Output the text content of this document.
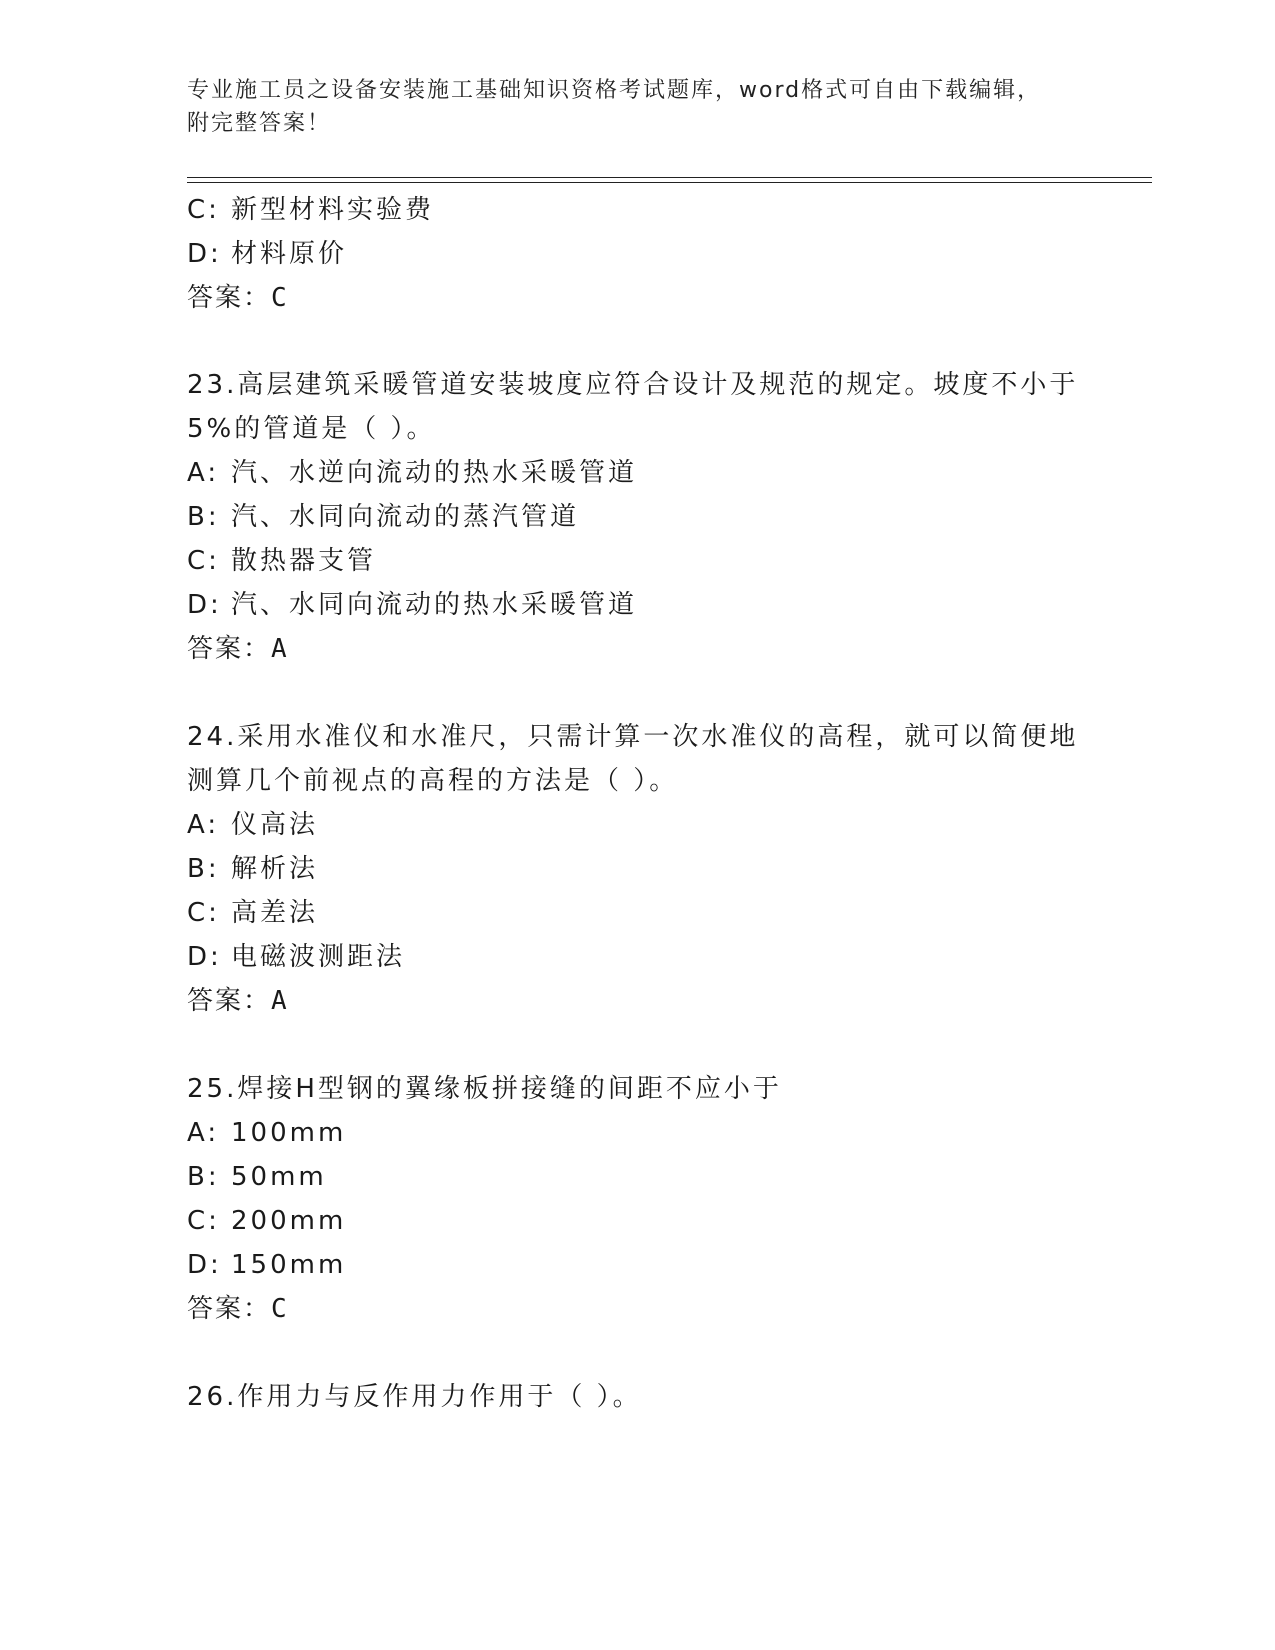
专业施工员之设备安装施工基础知识资格考试题库，word格式可自由下载编辑，
附完整答案！
C: 新型材料实验费
D: 材料原价
答案：C
23.高层建筑采暖管道安装坡度应符合设计及规范的规定。坡度不小于
5%的管道是（ ）。
A: 汽、水逆向流动的热水采暖管道
B: 汽、水同向流动的蒸汽管道
C: 散热器支管
D: 汽、水同向流动的热水采暖管道
答案：A
24.采用水准仪和水准尺，只需计算一次水准仪的高程，就可以简便地
测算几个前视点的高程的方法是（ ）。
A: 仪高法
B: 解析法
C: 高差法
D: 电磁波测距法
答案：A
25.焊接H型钢的翼缘板拼接缝的间距不应小于
A: 100mm
B: 50mm
C: 200mm
D: 150mm
答案：C
26.作用力与反作用力作用于（ ）。
